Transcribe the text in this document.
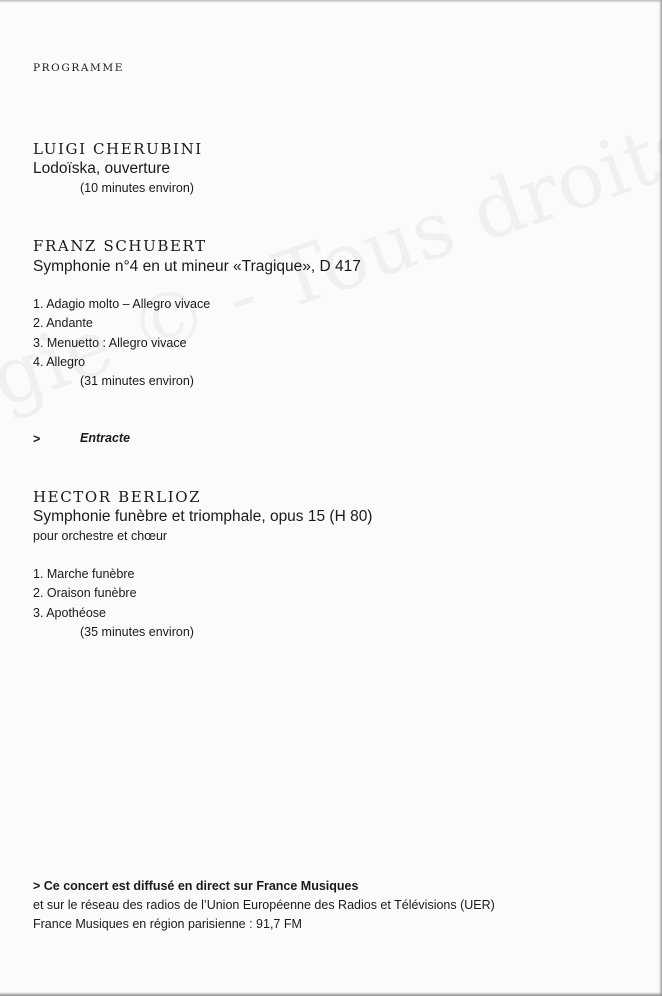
PROGRAMME
LUIGI CHERUBINI
Lodoïska, ouverture
(10 minutes environ)
FRANZ SCHUBERT
Symphonie n°4 en ut mineur «Tragique», D 417
1. Adagio molto – Allegro vivace
2. Andante
3. Menuetto : Allegro vivace
4. Allegro
(31 minutes environ)
>	Entracte
HECTOR BERLIOZ
Symphonie funèbre et triomphale, opus 15 (H 80)
pour orchestre et chœur
1. Marche funèbre
2. Oraison funèbre
3. Apothéose
(35 minutes environ)
> Ce concert est diffusé en direct sur France Musiques
et sur le réseau des radios de l’Union Européenne des Radios et Télévisions (UER)
France Musiques en région parisienne : 91,7 FM
